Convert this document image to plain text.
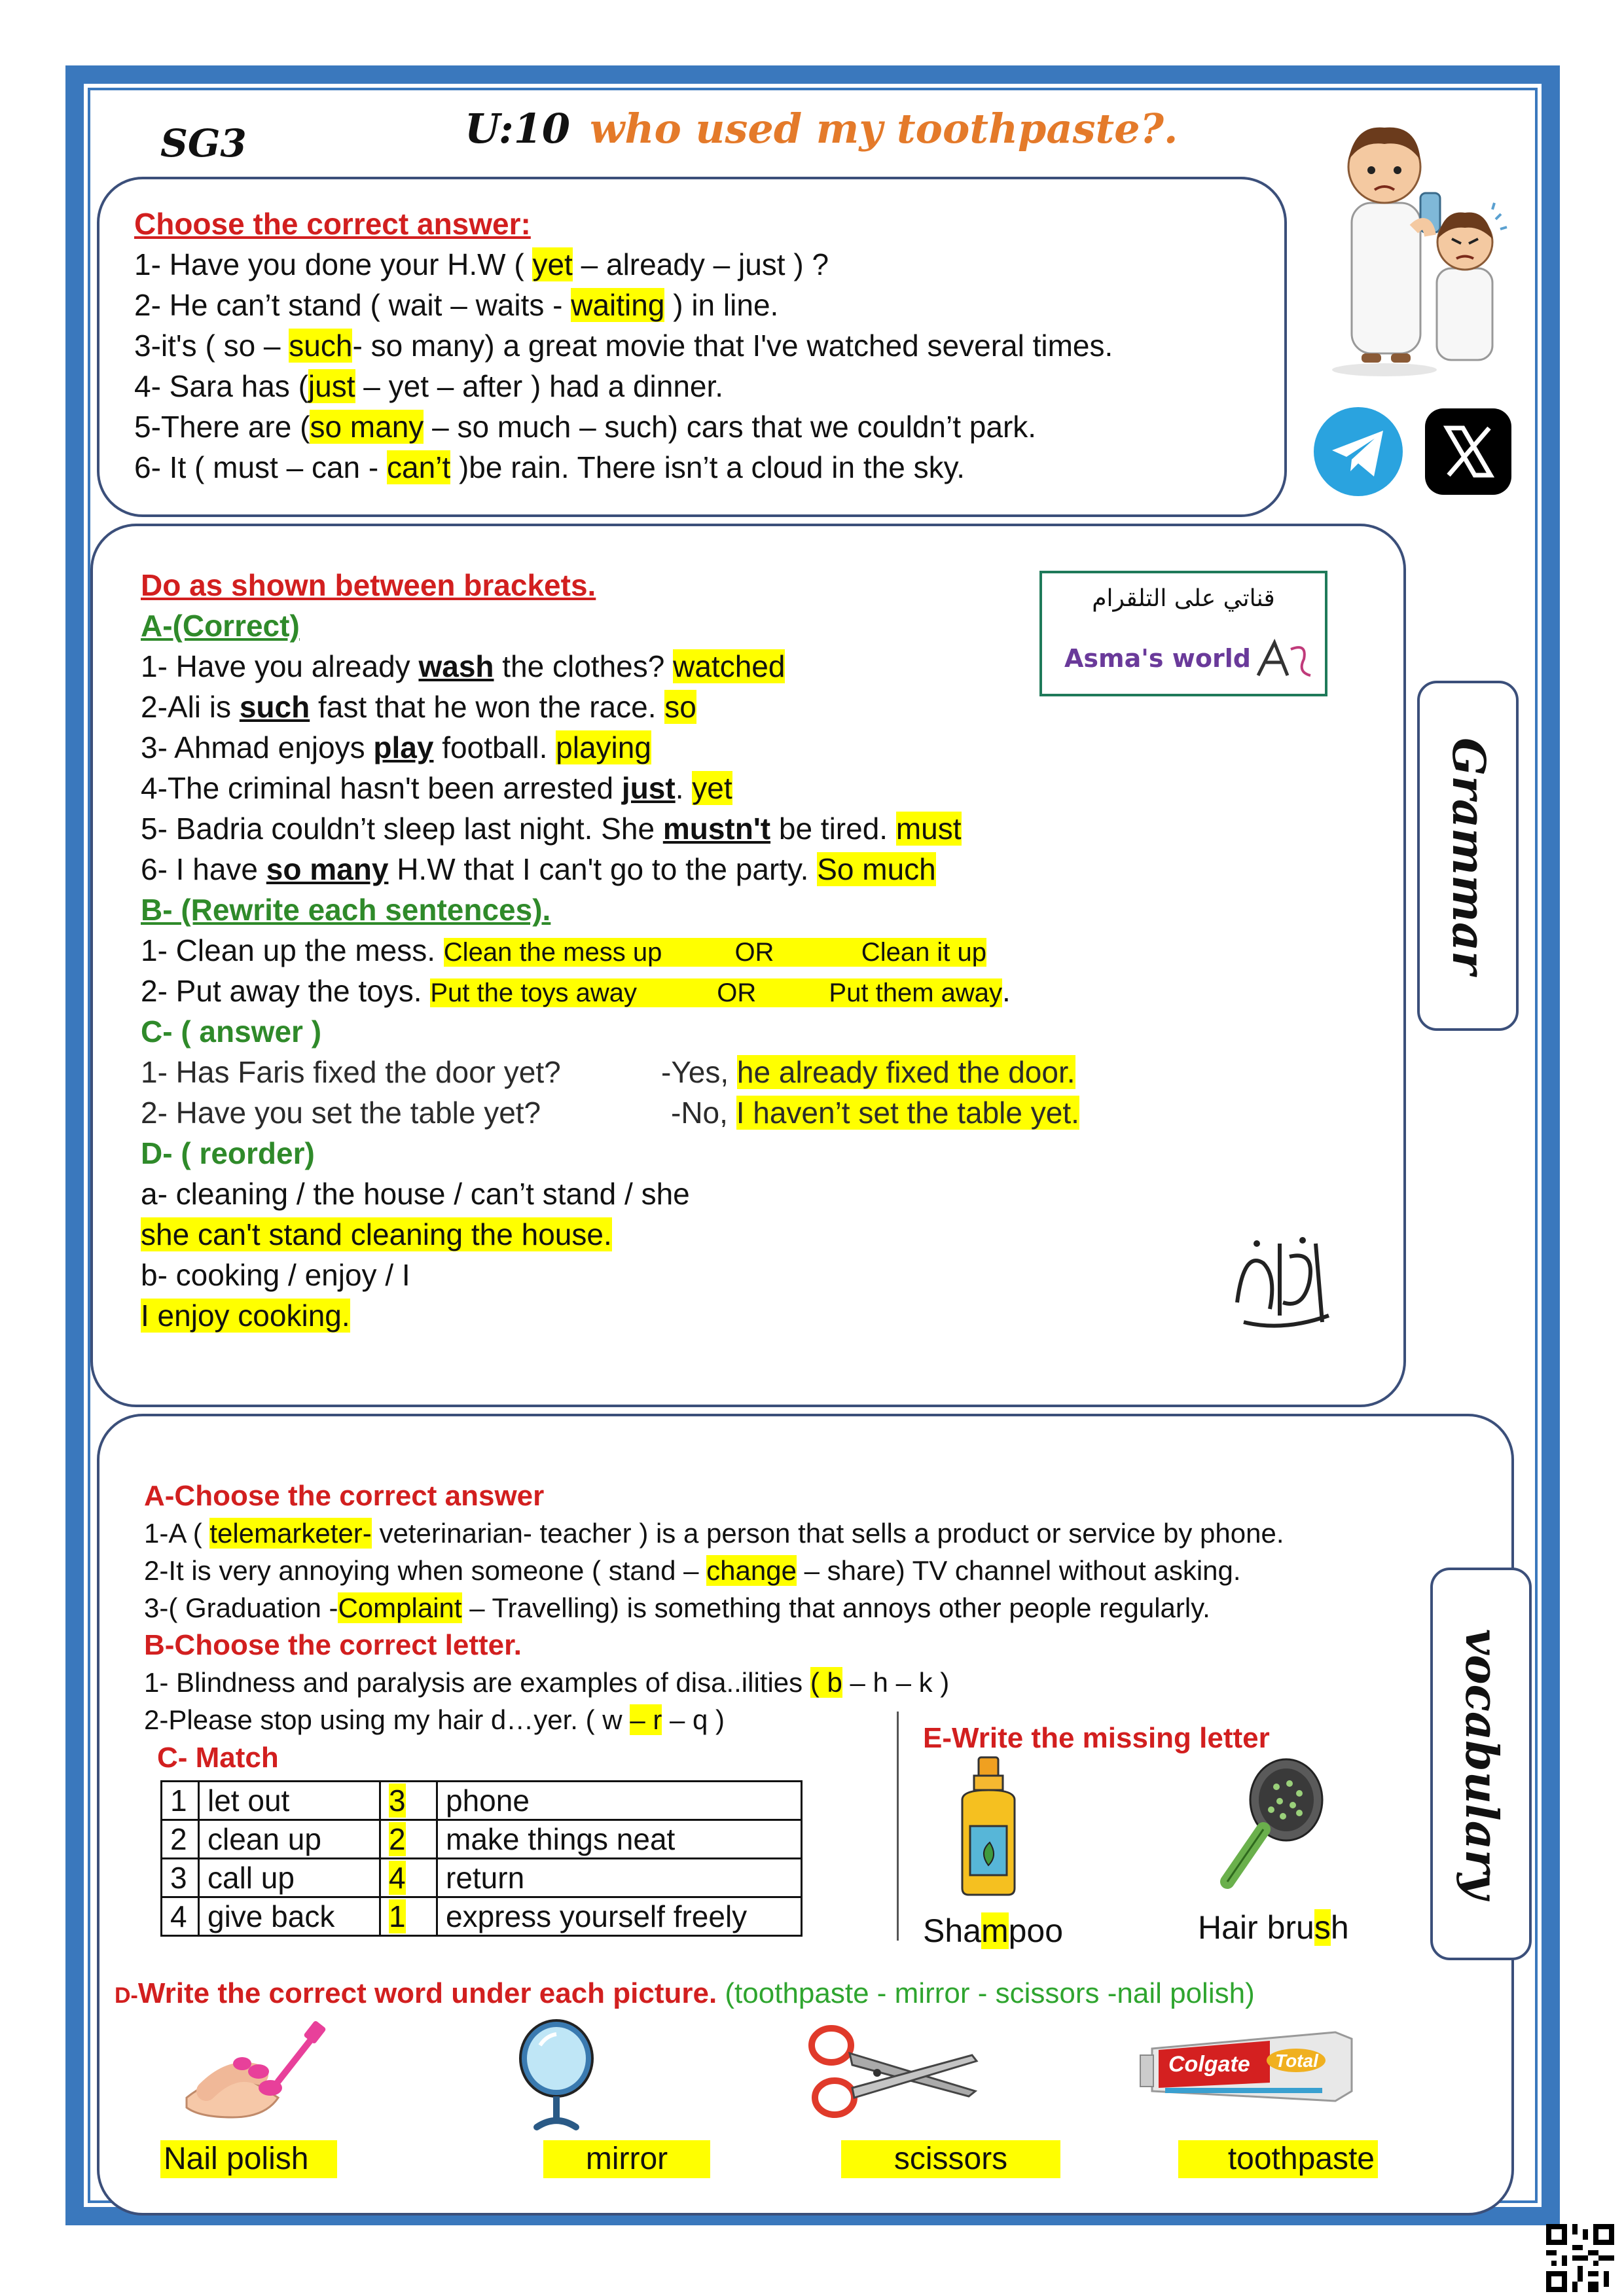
SG3	U:10 who used my toothpaste?.
Choose the correct answer:
1- Have you done your H.W ( yet – already – just ) ?
2- He can’t stand ( wait – waits - waiting ) in line.
3-it's ( so – such- so many) a great movie that I've watched several times.
4- Sara has (just – yet – after ) had a dinner.
5-There are (so many – so much – such) cars that we couldn’t park.
6- It ( must – can - can’t )be rain. There isn’t a cloud in the sky.
قناتي على التلقرام
Asma's world
Do as shown between brackets.
A-(Correct)
1- Have you already wash the clothes? watched
2-Ali is such fast that he won the race. so
3- Ahmad enjoys play football. playing
4-The criminal hasn't been arrested just. yet
5- Badria couldn’t sleep last night. She mustn't be tired. must
6- I have so many H.W that I can't go to the party. So much
B- (Rewrite each sentences).
1- Clean up the mess. Clean the mess up          OR            Clean it up
2- Put away the toys. Put the toys away           OR          Put them away.
C- ( answer )
1- Has Faris fixed the door yet?	-Yes, he already fixed the door.
2- Have you set the table yet?	-No, I haven’t set the table yet.
D- ( reorder)
a- cleaning / the house / can’t stand / she
she can't stand cleaning the house.
b- cooking / enjoy / I
I enjoy cooking.
Grammar
vocabulary
A-Choose the correct answer
1-A ( telemarketer- veterinarian- teacher ) is a person that sells a product or service by phone.
2-It is very annoying when someone ( stand – change – share) TV channel without asking.
3-( Graduation -Complaint – Travelling) is something that annoys other people regularly.
B-Choose the correct letter.
1- Blindness and paralysis are examples of disa..ilities ( b – h – k )
2-Please stop using my hair d…yer. ( w – r – q )
C- Match
1	let out	3	phone
2	clean up	2	make things neat
3	call up	4	return
4	give back	1	express yourself freely
E-Write the missing letter
Shampoo	Hair brush
D-Write the correct word under each picture. (toothpaste - mirror - scissors -nail polish)
Colgate Total
Nail polish	mirror	scissors	toothpaste
